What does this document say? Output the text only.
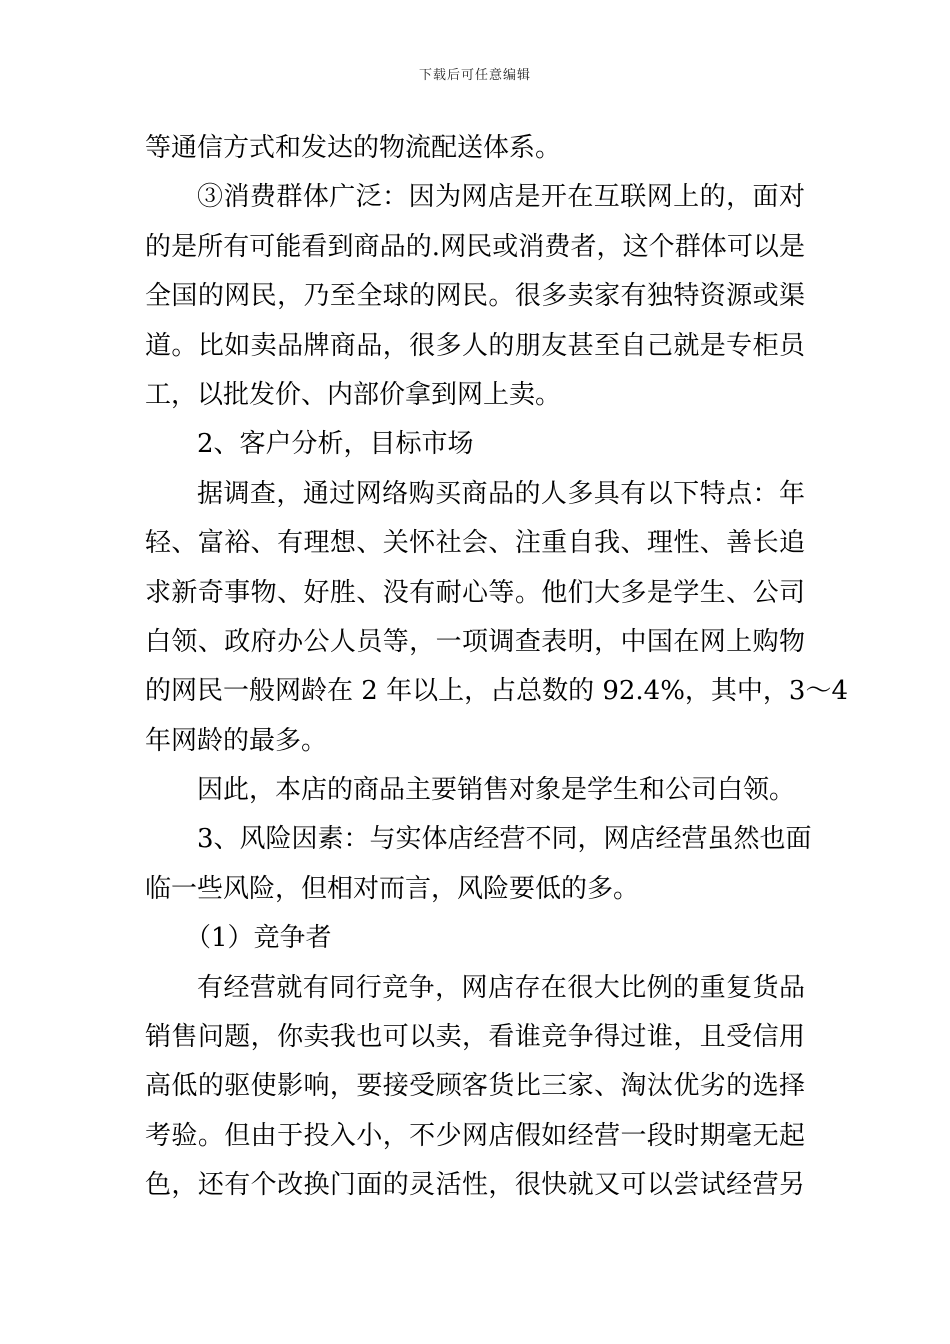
下载后可任意编辑
等通信方式和发达的物流配送体系。
③消费群体广泛：因为网店是开在互联网上的，面对
的是所有可能看到商品的.网民或消费者，这个群体可以是
全国的网民，乃至全球的网民。很多卖家有独特资源或渠
道。比如卖品牌商品，很多人的朋友甚至自己就是专柜员
工，以批发价、内部价拿到网上卖。
2、客户分析，目标市场
据调查，通过网络购买商品的人多具有以下特点：年
轻、富裕、有理想、关怀社会、注重自我、理性、善长追
求新奇事物、好胜、没有耐心等。他们大多是学生、公司
白领、政府办公人员等，一项调查表明，中国在网上购物
的网民一般网龄在 2 年以上，占总数的 92.4%，其中，3～4
年网龄的最多。
因此，本店的商品主要销售对象是学生和公司白领。
3、风险因素：与实体店经营不同，网店经营虽然也面
临一些风险，但相对而言，风险要低的多。
（1）竞争者
有经营就有同行竞争，网店存在很大比例的重复货品
销售问题，你卖我也可以卖，看谁竞争得过谁，且受信用
高低的驱使影响，要接受顾客货比三家、淘汰优劣的选择
考验。但由于投入小，不少网店假如经营一段时期毫无起
色，还有个改换门面的灵活性，很快就又可以尝试经营另
